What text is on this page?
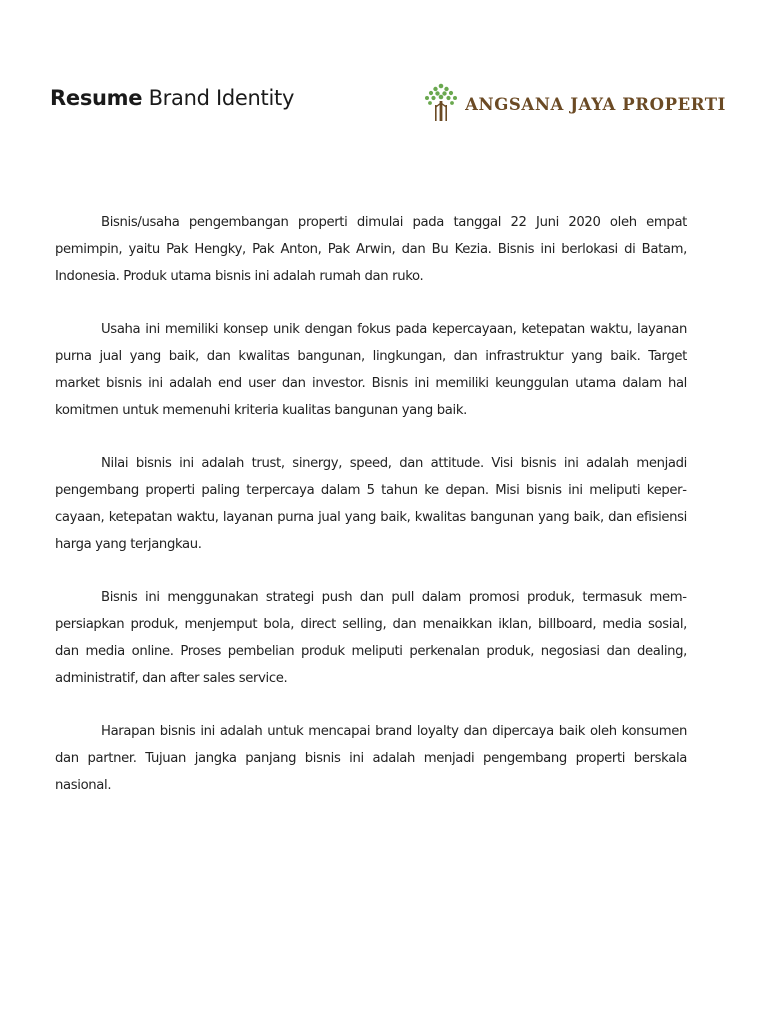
Resume Brand Identity	ANGSANA JAYA PROPERTI

Bisnis/usaha pengembangan properti dimulai pada tanggal 22 Juni 2020 oleh empat pemimpin, yaitu Pak Hengky, Pak Anton, Pak Arwin, dan Bu Kezia. Bisnis ini berlokasi di Batam, Indonesia. Produk utama bisnis ini adalah rumah dan ruko.

Usaha ini memiliki konsep unik dengan fokus pada kepercayaan, ketepatan waktu, layanan purna jual yang baik, dan kwalitas bangunan, lingkungan, dan infrastruktur yang baik. Target market bisnis ini adalah end user dan investor. Bisnis ini memiliki keunggulan utama dalam hal komitmen untuk memenuhi kriteria kualitas bangunan yang baik.

Nilai bisnis ini adalah trust, sinergy, speed, dan attitude. Visi bisnis ini adalah menjadi pengembang properti paling terpercaya dalam 5 tahun ke depan. Misi bisnis ini meliputi kepercayaan, ketepatan waktu, layanan purna jual yang baik, kwalitas bangunan yang baik, dan efisiensi harga yang terjangkau.

Bisnis ini menggunakan strategi push dan pull dalam promosi produk, termasuk mempersiapkan produk, menjemput bola, direct selling, dan menaikkan iklan, billboard, media sosial, dan media online. Proses pembelian produk meliputi perkenalan produk, negosiasi dan dealing, administratif, dan after sales service.

Harapan bisnis ini adalah untuk mencapai brand loyalty dan dipercaya baik oleh konsumen dan partner. Tujuan jangka panjang bisnis ini adalah menjadi pengembang properti berskala nasional.
